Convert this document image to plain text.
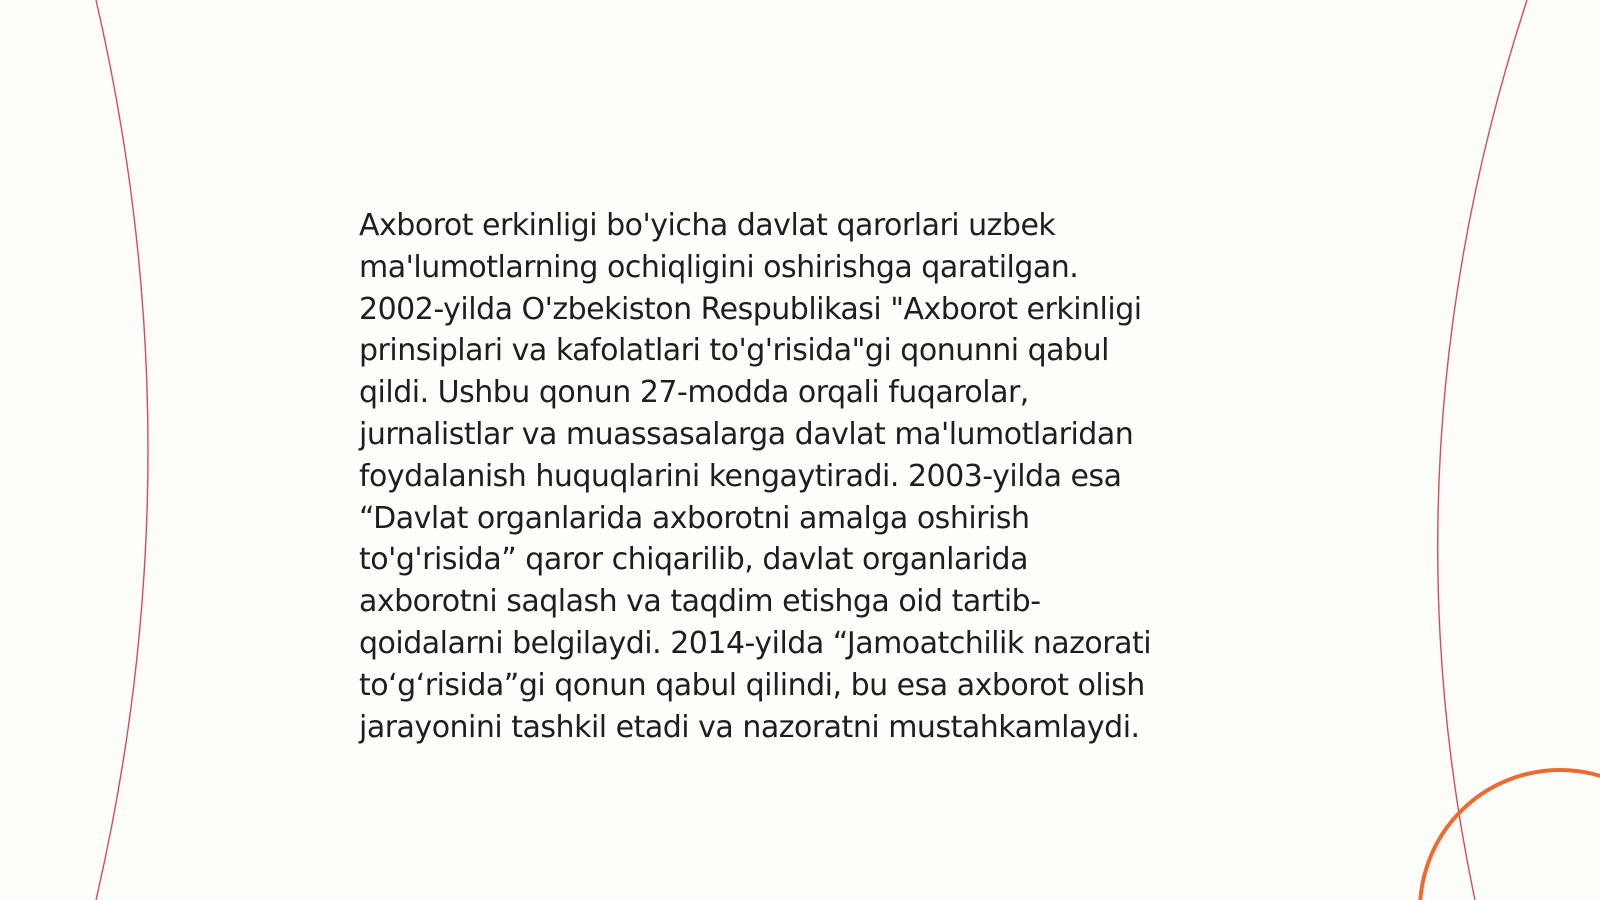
Axborot erkinligi bo'yicha davlat qarorlari uzbek
ma'lumotlarning ochiqligini oshirishga qaratilgan.
2002-yilda O'zbekiston Respublikasi "Axborot erkinligi
prinsiplari va kafolatlari to'g'risida"gi qonunni qabul
qildi. Ushbu qonun 27-modda orqali fuqarolar,
jurnalistlar va muassasalarga davlat ma'lumotlaridan
foydalanish huquqlarini kengaytiradi. 2003-yilda esa
“Davlat organlarida axborotni amalga oshirish
to'g'risida” qaror chiqarilib, davlat organlarida
axborotni saqlash va taqdim etishga oid tartib-
qoidalarni belgilaydi. 2014-yilda “Jamoatchilik nazorati
to‘g‘risida”gi qonun qabul qilindi, bu esa axborot olish
jarayonini tashkil etadi va nazoratni mustahkamlaydi.
